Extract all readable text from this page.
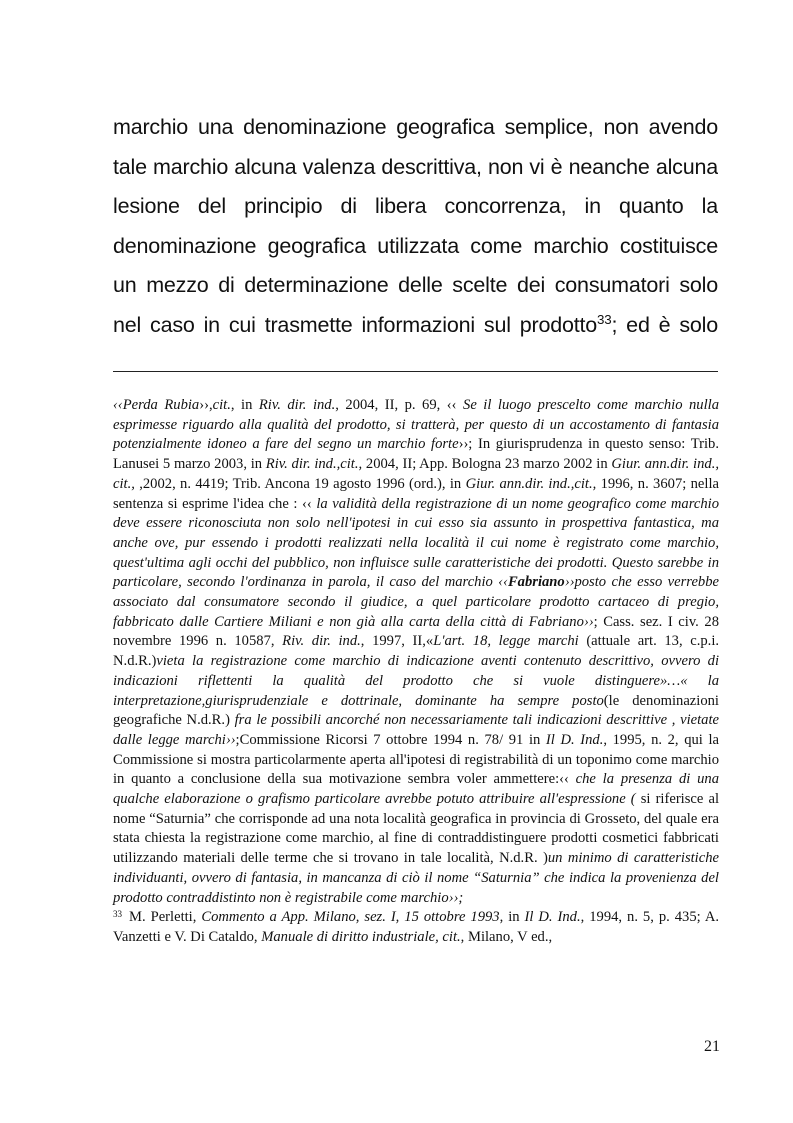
marchio una denominazione geografica semplice, non avendo
tale marchio alcuna valenza descrittiva, non vi è neanche alcuna
lesione del principio di libera concorrenza, in quanto la
denominazione geografica utilizzata come marchio costituisce
un mezzo di determinazione delle scelte dei consumatori solo
nel caso in cui trasmette informazioni sul prodotto$^{33}$; ed è solo

‹‹Perda Rubia››,cit., in Riv. dir. ind., 2004, II, p. 69, ‹‹ Se il luogo prescelto come marchio nulla esprimesse riguardo alla qualità del prodotto, si tratterà, per questo di un accostamento di fantasia potenzialmente idoneo a fare del segno un marchio forte››; In giurisprudenza in questo senso: Trib. Lanusei 5 marzo 2003, in Riv. dir. ind.,cit., 2004, II; App. Bologna 23 marzo 2002 in Giur. ann.dir. ind., cit., ,2002, n. 4419; Trib. Ancona 19 agosto 1996 (ord.), in Giur. ann.dir. ind.,cit., 1996, n. 3607; nella sentenza si esprime l'idea che : ‹‹ la validità della registrazione di un nome geografico come marchio deve essere riconosciuta non solo nell'ipotesi in cui esso sia assunto in prospettiva fantastica, ma anche ove, pur essendo i prodotti realizzati nella località il cui nome è registrato come marchio, quest'ultima agli occhi del pubblico, non influisce sulle caratteristiche dei prodotti. Questo sarebbe in particolare, secondo l'ordinanza in parola, il caso del marchio ‹‹Fabriano››posto che esso verrebbe associato dal consumatore secondo il giudice, a quel particolare prodotto cartaceo di pregio, fabbricato dalle Cartiere Miliani e non già alla carta della città di Fabriano››; Cass. sez. I civ. 28 novembre 1996 n. 10587, Riv. dir. ind., 1997, II,«L'art. 18, legge marchi (attuale art. 13, c.p.i. N.d.R.)vieta la registrazione come marchio di indicazione aventi contenuto descrittivo, ovvero di indicazioni riflettenti la qualità del prodotto che si vuole distinguere»…« la interpretazione,giurisprudenziale e dottrinale, dominante ha sempre posto(le denominazioni geografiche N.d.R.) fra le possibili ancorché non necessariamente tali indicazioni descrittive , vietate dalle legge marchi››;Commissione Ricorsi 7 ottobre 1994 n. 78/ 91 in Il D. Ind., 1995, n. 2, qui la Commissione si mostra particolarmente aperta all'ipotesi di registrabilità di un toponimo come marchio in quanto a conclusione della sua motivazione sembra voler ammettere:‹‹ che la presenza di una qualche elaborazione o grafismo particolare avrebbe potuto attribuire all'espressione ( si riferisce al nome “Saturnia” che corrisponde ad una nota località geografica in provincia di Grosseto, del quale era stata chiesta la registrazione come marchio, al fine di contraddistinguere prodotti cosmetici fabbricati utilizzando materiali delle terme che si trovano in tale località, N.d.R. )un minimo di caratteristiche individuanti, ovvero di fantasia, in mancanza di ciò il nome “Saturnia” che indica la provenienza del prodotto contraddistinto non è registrabile come marchio››;

$^{33}$ M. Perletti, Commento a App. Milano, sez. I, 15 ottobre 1993, in Il D. Ind., 1994, n. 5, p. 435; A. Vanzetti e V. Di Cataldo, Manuale di diritto industriale, cit., Milano, V ed.,

21
